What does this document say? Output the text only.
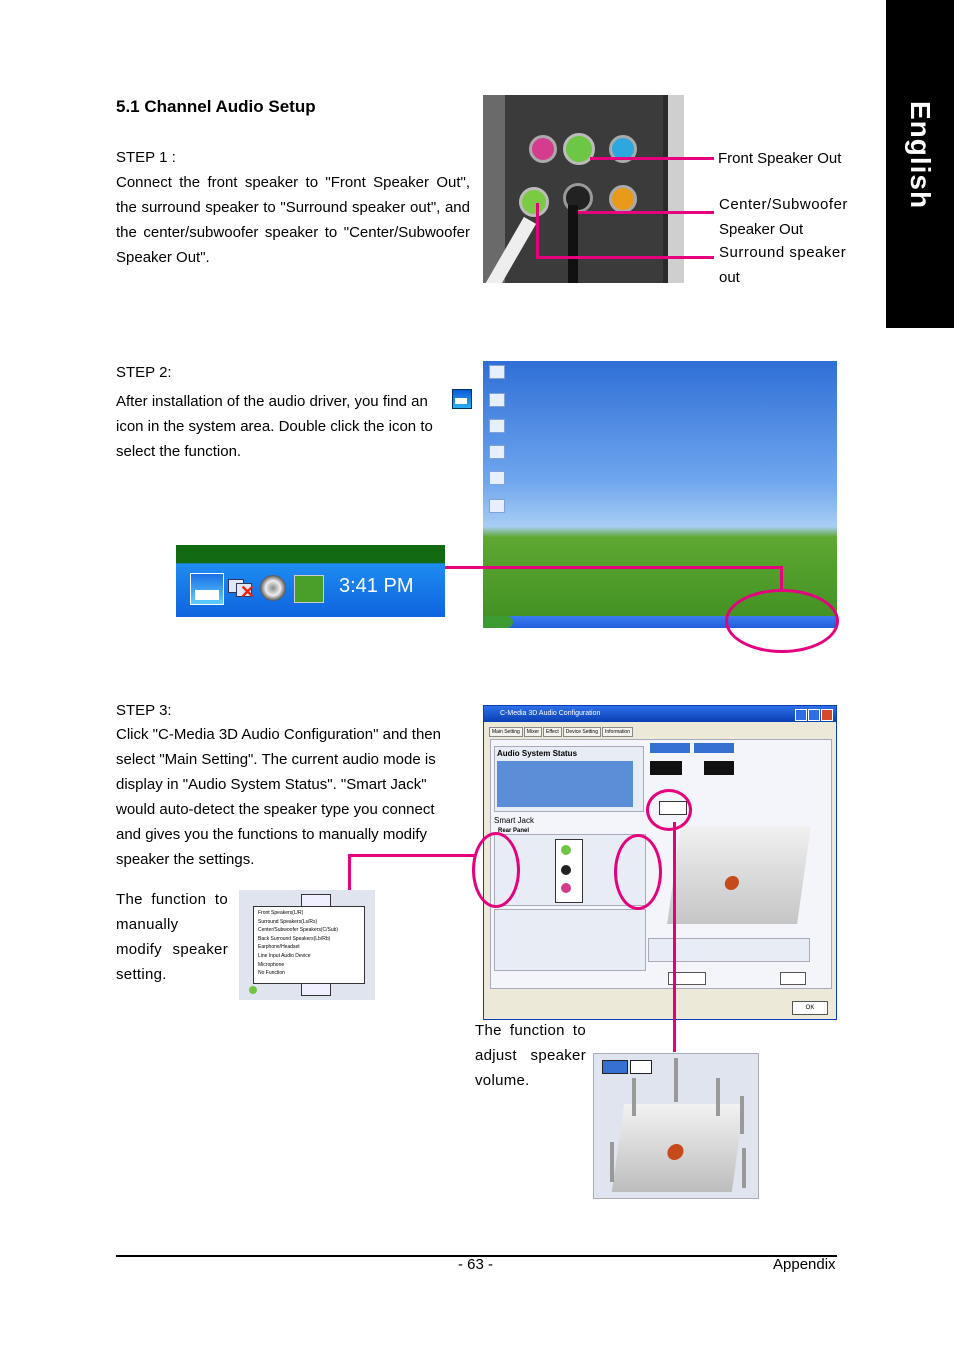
English
5.1 Channel Audio Setup
STEP 1 :
Connect the front speaker to "Front Speaker Out", the surround speaker to "Surround speaker out", and the center/subwoofer speaker to "Center/Subwoofer Speaker Out".
Front Speaker Out
Center/Subwoofer
Speaker Out
Surround speaker
out
STEP 2:
After installation of the audio driver, you find an
icon in the system area. Double click the icon to select the function.
✕	3:41 PM
STEP 3:
Click "C-Media 3D Audio Configuration" and then select "Main Setting". The current audio mode is display in "Audio System Status". "Smart Jack" would auto-detect the speaker type you connect and gives you the functions to manually modify speaker the settings.
The function to manually modify speaker setting.
Front Speakers(L/R)
Surround Speakers(Ls/Rs)
Center/Subwoofer Speakers(C/Sub)
Back Surround Speakers(Lb/Rb)
Earphone/Headset
Line Input Audio Device
Microphone
No Function
C-Media 3D Audio Configuration
Main Setting Mixer Effect Device Setting Information
Audio System Status
Smart Jack
Rear Panel
OK
The function to adjust speaker volume.
- 63 -	Appendix
